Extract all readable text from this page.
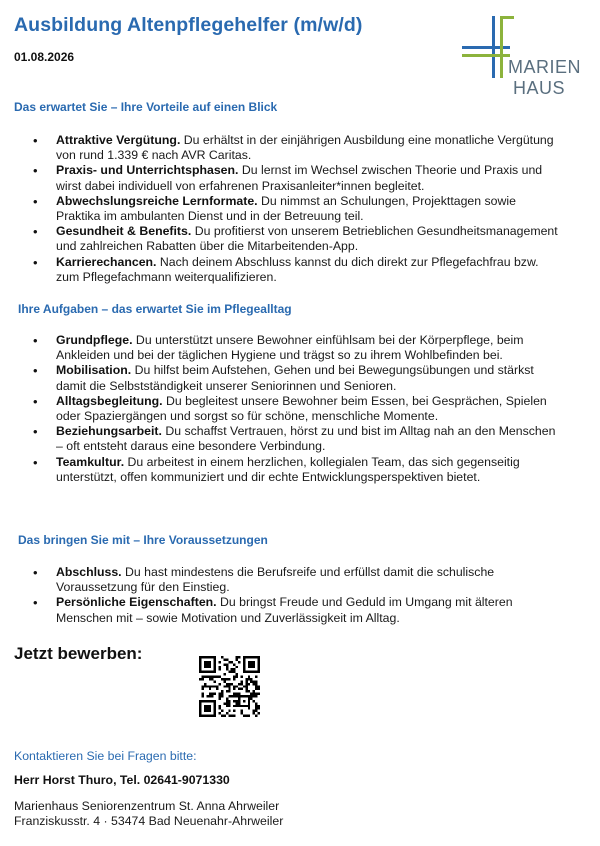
Ausbildung Altenpflegehelfer (m/w/d)
01.08.2026	MARIEN
HAUS
Das erwartet Sie – Ihre Vorteile auf einen Blick
• Attraktive Vergütung. Du erhältst in der einjährigen Ausbildung eine monatliche Vergütung von rund 1.339 € nach AVR Caritas.
• Praxis- und Unterrichtsphasen. Du lernst im Wechsel zwischen Theorie und Praxis und wirst dabei individuell von erfahrenen Praxisanleiter*innen begleitet.
• Abwechslungsreiche Lernformate. Du nimmst an Schulungen, Projekttagen sowie Praktika im ambulanten Dienst und in der Betreuung teil.
• Gesundheit & Benefits. Du profitierst von unserem Betrieblichen Gesundheitsmanagement und zahlreichen Rabatten über die Mitarbeitenden-App.
• Karrierechancen. Nach deinem Abschluss kannst du dich direkt zur Pflegefachfrau bzw. zum Pflegefachmann weiterqualifizieren.
Ihre Aufgaben – das erwartet Sie im Pflegealltag
• Grundpflege. Du unterstützt unsere Bewohner einfühlsam bei der Körperpflege, beim Ankleiden und bei der täglichen Hygiene und trägst so zu ihrem Wohlbefinden bei.
• Mobilisation. Du hilfst beim Aufstehen, Gehen und bei Bewegungsübungen und stärkst damit die Selbstständigkeit unserer Seniorinnen und Senioren.
• Alltagsbegleitung. Du begleitest unsere Bewohner beim Essen, bei Gesprächen, Spielen oder Spaziergängen und sorgst so für schöne, menschliche Momente.
• Beziehungsarbeit. Du schaffst Vertrauen, hörst zu und bist im Alltag nah an den Menschen – oft entsteht daraus eine besondere Verbindung.
• Teamkultur. Du arbeitest in einem herzlichen, kollegialen Team, das sich gegenseitig unterstützt, offen kommuniziert und dir echte Entwicklungsperspektiven bietet.
Das bringen Sie mit – Ihre Voraussetzungen
• Abschluss. Du hast mindestens die Berufsreife und erfüllst damit die schulische Voraussetzung für den Einstieg.
• Persönliche Eigenschaften. Du bringst Freude und Geduld im Umgang mit älteren Menschen mit – sowie Motivation und Zuverlässigkeit im Alltag.
Jetzt bewerben:
Kontaktieren Sie bei Fragen bitte:
Herr Horst Thuro, Tel. 02641-9071330
Marienhaus Seniorenzentrum St. Anna Ahrweiler
Franziskusstr. 4 · 53474 Bad Neuenahr-Ahrweiler
